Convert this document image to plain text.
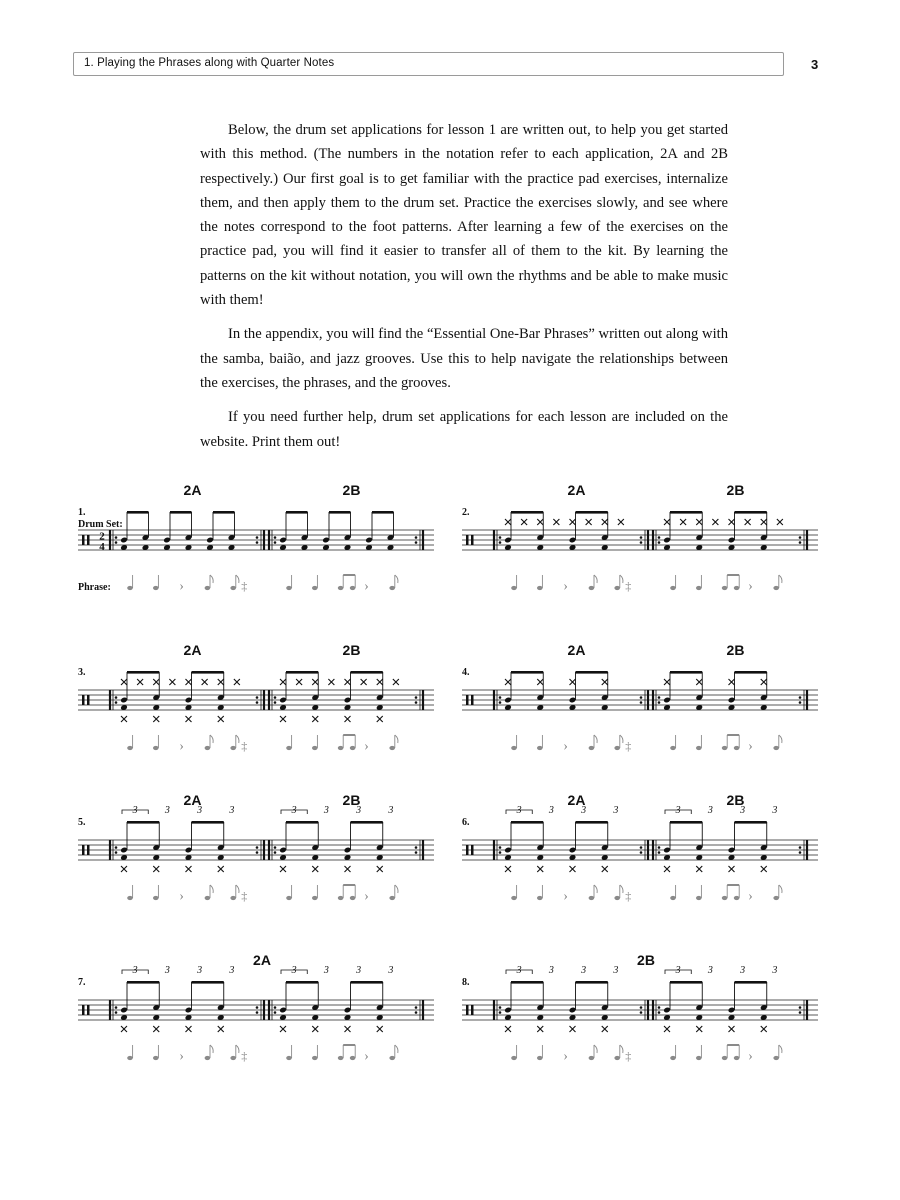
1. Playing the Phrases along with Quarter Notes	3

Below, the drum set applications for lesson 1 are written out, to help you get started with this method. (The numbers in the notation refer to each application, 2A and 2B respectively.) Our first goal is to get familiar with the practice pad exercises, internalize them, and then apply them to the drum set. Practice the exercises slowly, and see where the notes correspond to the foot patterns. After learning a few of the exercises on the practice pad, you will find it easier to transfer all of them to the kit. By learning the patterns on the kit without notation, you will own the rhythms and be able to make music with them!

In the appendix, you will find the “Essential One-Bar Phrases” written out along with the samba, baião, and jazz grooves. Use this to help navigate the relationships between the exercises, the phrases, and the grooves.

If you need further help, drum set applications for each lesson are included on the website. Print them out!

1.
2A	2B
Drum Set:
Phrase:
2
4
›	‡	›
2.
2A	2B
›	‡	›
3.
2A	2B
›	‡	›
4.
2A	2B
›	‡	›
5.
2A	2B
3	3	3	3	3	3	3	3
›	‡	›
6.
2A	2B
3	3	3	3	3	3	3	3
›	‡	›
7.
2A
3	3	3	3	3	3	3	3
›	‡	›
8.
2B
3	3	3	3	3	3	3	3
›	‡	›
